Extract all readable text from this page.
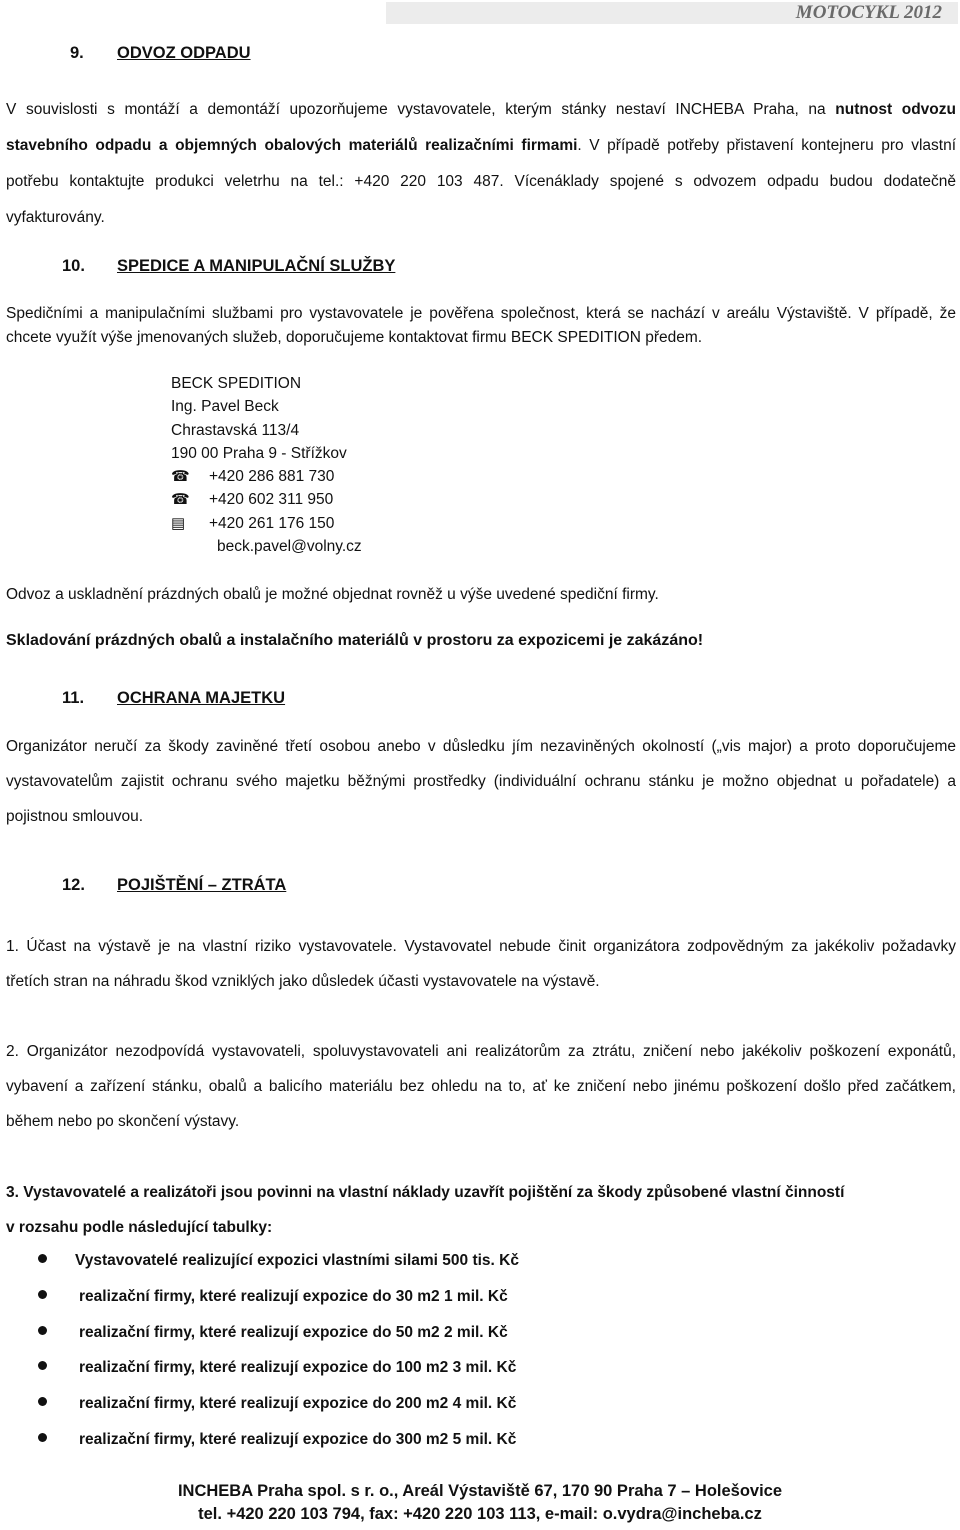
MOTOCYKL 2012
9. ODVOZ ODPADU
V souvislosti s montáží a demontáží upozorňujeme vystavovatele, kterým stánky nestaví INCHEBA Praha, na nutnost odvozu
stavebního odpadu a objemných obalových materiálů realizačními firmami. V případě potřeby přistavení kontejneru pro vlastní
potřebu kontaktujte produkci veletrhu na tel.: +420 220 103 487. Vícenáklady spojené s odvozem odpadu budou dodatečně
vyfakturovány.
10. SPEDICE A MANIPULAČNÍ SLUŽBY
Spedičními a manipulačními službami pro vystavovatele je pověřena společnost, která se nachází v areálu Výstaviště. V případě, že
chcete využít výše jmenovaných služeb, doporučujeme kontaktovat firmu BECK SPEDITION předem.
BECK SPEDITION
Ing. Pavel Beck
Chrastavská 113/4
190 00 Praha 9 - Střížkov
☎ +420 286 881 730
☎ +420 602 311 950
▤ +420 261 176 150
beck.pavel@volny.cz
Odvoz a uskladnění prázdných obalů je možné objednat rovněž u výše uvedené spediční firmy.
Skladování prázdných obalů a instalačního materiálů v prostoru za expozicemi je zakázáno!
11. OCHRANA MAJETKU
Organizátor neručí za škody zaviněné třetí osobou anebo v důsledku jím nezaviněných okolností („vis major) a proto doporučujeme
vystavovatelům zajistit ochranu svého majetku běžnými prostředky (individuální ochranu stánku je možno objednat u pořadatele) a
pojistnou smlouvou.
12. POJIŠTĚNÍ – ZTRÁTA
1. Účast na výstavě je na vlastní riziko vystavovatele. Vystavovatel nebude činit organizátora zodpovědným za jakékoliv požadavky
třetích stran na náhradu škod vzniklých jako důsledek účasti vystavovatele na výstavě.
2. Organizátor nezodpovídá vystavovateli, spoluvystavovateli ani realizátorům za ztrátu, zničení nebo jakékoliv poškození exponátů,
vybavení a zařízení stánku, obalů a balicího materiálu bez ohledu na to, ať ke zničení nebo jinému poškození došlo před začátkem,
během nebo po skončení výstavy.
3. Vystavovatelé a realizátoři jsou povinni na vlastní náklady uzavřít pojištění za škody způsobené vlastní činností
v rozsahu podle následující tabulky:
Vystavovatelé realizující expozici vlastními silami 500 tis. Kč
realizační firmy, které realizují expozice do 30 m2 1 mil. Kč
realizační firmy, které realizují expozice do 50 m2 2 mil. Kč
realizační firmy, které realizují expozice do 100 m2 3 mil. Kč
realizační firmy, které realizují expozice do 200 m2 4 mil. Kč
realizační firmy, které realizují expozice do 300 m2 5 mil. Kč
INCHEBA Praha spol. s r. o., Areál Výstaviště 67, 170 90 Praha 7 – Holešovice
tel. +420 220 103 794, fax: +420 220 103 113, e-mail: o.vydra@incheba.cz
